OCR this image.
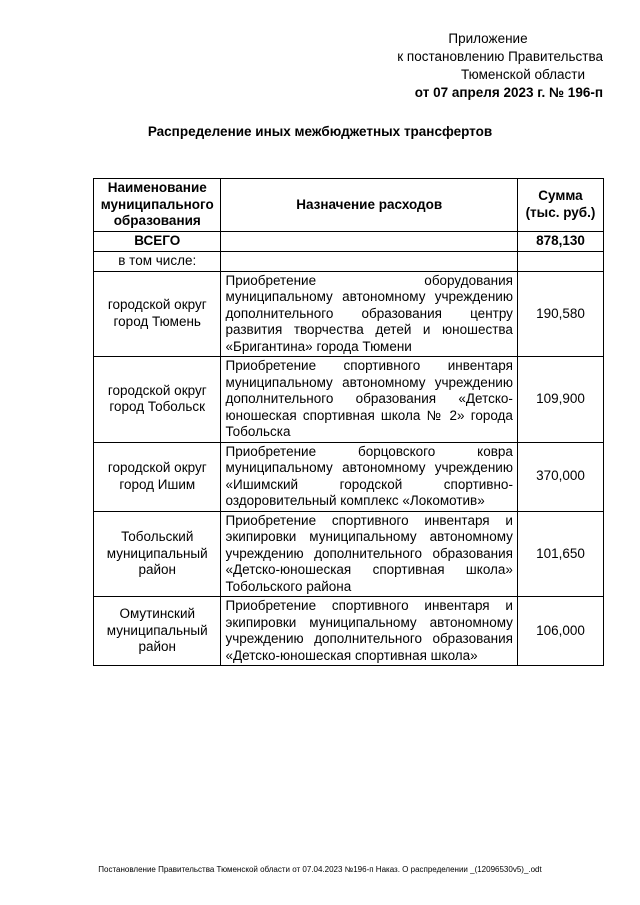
Приложение
к постановлению Правительства
Тюменской области
от 07 апреля 2023 г. № 196-п
Распределение иных межбюджетных трансфертов
Наименование муниципального образования	Назначение расходов	Сумма (тыс. руб.)
ВСЕГО		878,130
в том числе:		
городской округ город Тюмень	Приобретение оборудования муниципальному автономному учреждению дополнительного образования центру развития творчества детей и юношества «Бригантина» города Тюмени	190,580
городской округ город Тобольск	Приобретение спортивного инвентаря муниципальному автономному учреждению дополнительного образования «Детско-юношеская спортивная школа № 2» города Тобольска	109,900
городской округ город Ишим	Приобретение борцовского ковра муниципальному автономному учреждению «Ишимский городской спортивно-оздоровительный комплекс «Локомотив»	370,000
Тобольский муниципальный район	Приобретение спортивного инвентаря и экипировки муниципальному автономному учреждению дополнительного образования «Детско-юношеская спортивная школа» Тобольского района	101,650
Омутинский муниципальный район	Приобретение спортивного инвентаря и экипировки муниципальному автономному учреждению дополнительного образования «Детско-юношеская спортивная школа»	106,000
Постановление Правительства Тюменской области от 07.04.2023 №196-п Наказ. О распределении _(12096530v5)_.odt
